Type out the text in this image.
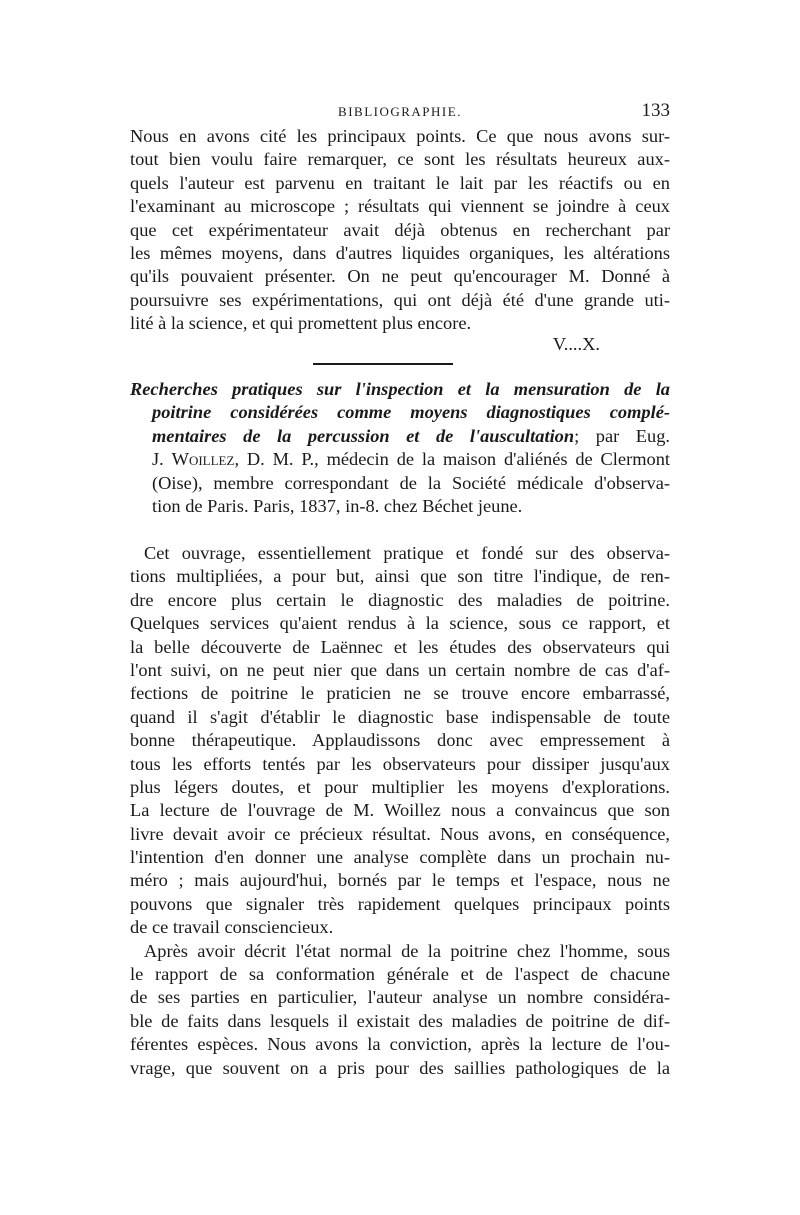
BIBLIOGRAPHIE.	133
Nous en avons cité les principaux points. Ce que nous avons sur-
tout bien voulu faire remarquer, ce sont les résultats heureux aux-
quels l'auteur est parvenu en traitant le lait par les réactifs ou en
l'examinant au microscope ; résultats qui viennent se joindre à ceux
que cet expérimentateur avait déjà obtenus en recherchant par
les mêmes moyens, dans d'autres liquides organiques, les altérations
qu'ils pouvaient présenter. On ne peut qu'encourager M. Donné à
poursuivre ses expérimentations, qui ont déjà été d'une grande uti-
lité à la science, et qui promettent plus encore.
V....X.
Recherches pratiques sur l'inspection et la mensuration de la
poitrine considérées comme moyens diagnostiques complé-
mentaires de la percussion et de l'auscultation; par Eug.
J. Woillez, D. M. P., médecin de la maison d'aliénés de Clermont
(Oise), membre correspondant de la Société médicale d'observa-
tion de Paris. Paris, 1837, in-8. chez Béchet jeune.
Cet ouvrage, essentiellement pratique et fondé sur des observa-
tions multipliées, a pour but, ainsi que son titre l'indique, de ren-
dre encore plus certain le diagnostic des maladies de poitrine.
Quelques services qu'aient rendus à la science, sous ce rapport, et
la belle découverte de Laënnec et les études des observateurs qui
l'ont suivi, on ne peut nier que dans un certain nombre de cas d'af-
fections de poitrine le praticien ne se trouve encore embarrassé,
quand il s'agit d'établir le diagnostic base indispensable de toute
bonne thérapeutique. Applaudissons donc avec empressement à
tous les efforts tentés par les observateurs pour dissiper jusqu'aux
plus légers doutes, et pour multiplier les moyens d'explorations.
La lecture de l'ouvrage de M. Woillez nous a convaincus que son
livre devait avoir ce précieux résultat. Nous avons, en conséquence,
l'intention d'en donner une analyse complète dans un prochain nu-
méro ; mais aujourd'hui, bornés par le temps et l'espace, nous ne
pouvons que signaler très rapidement quelques principaux points
de ce travail consciencieux.
Après avoir décrit l'état normal de la poitrine chez l'homme, sous
le rapport de sa conformation générale et de l'aspect de chacune
de ses parties en particulier, l'auteur analyse un nombre considéra-
ble de faits dans lesquels il existait des maladies de poitrine de dif-
férentes espèces. Nous avons la conviction, après la lecture de l'ou-
vrage, que souvent on a pris pour des saillies pathologiques de la
